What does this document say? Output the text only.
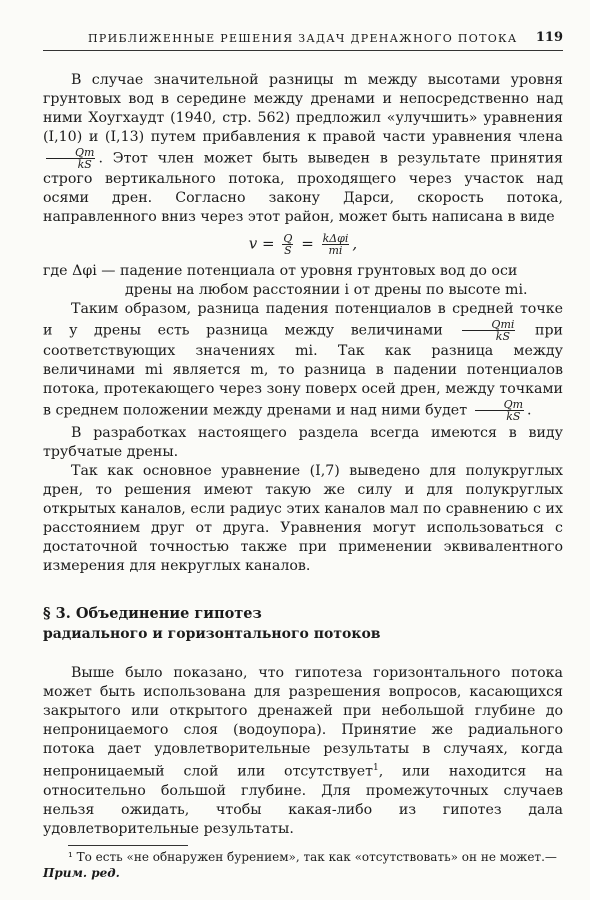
ПРИБЛИЖЕННЫЕ РЕШЕНИЯ ЗАДАЧ ДРЕНАЖНОГО ПОТОКА 119

В случае значительной разницы m между высотами уровня грунтовых вод в середине между дренами и непосредственно над ними Хоугхаудт (1940, стр. 562) предложил «улучшить» уравнения (I,10) и (I,13) путем прибавления к правой части уравнения члена
$\frac{Qm}{kS}$ . Этот член может быть выведен в результате принятия строго вертикального потока, проходящего через участок над осями дрен. Согласно закону Дарси, скорость потока, направленного вниз через этот район, может быть написана в виде

$v = \frac{Q}{S} = \frac{\text{kΔφi}}{mi}$ ,
где Δφi — падение потенциала от уровня грунтовых вод до оси
дрены на любом расстоянии i от дрены по высоте mi.

Таким образом, разница падения потенциалов в средней точке и у дрены есть разница между величинами $\frac{\text{Qmi}}{kS}$ при соответствующих значениях mi. Так как разница между величинами mi является m, то разница в падении потенциалов потока, протекающего через зону поверх осей дрен, между точками в среднем положении между дренами и над ними будет $\frac{Qm}{kS}$ .

В разработках настоящего раздела всегда имеются в виду трубчатые дрены.

Так как основное уравнение (I,7) выведено для полукруглых дрен, то решения имеют такую же силу и для полукруглых открытых каналов, если радиус этих каналов мал по сравнению с их расстоянием друг от друга. Уравнения могут использоваться с достаточной точностью также при применении эквивалентного измерения для некруглых каналов.

§ 3. Объединение гипотез
радиального и горизонтального потоков

Выше было показано, что гипотеза горизонтального потока может быть использована для разрешения вопросов, касающихся закрытого или открытого дренажей при небольшой глубине до непроницаемого слоя (водоупора). Принятие же радиального потока дает удовлетворительные результаты в случаях, когда непроницаемый слой или отсутствует$^1$, или находится на относительно большой глубине. Для промежуточных случаев нельзя ожидать, чтобы какая-либо из гипотез дала удовлетворительные результаты.

¹ То есть «не обнаружен бурением», так как «отсутствовать» он не может.— Прим. ред.
